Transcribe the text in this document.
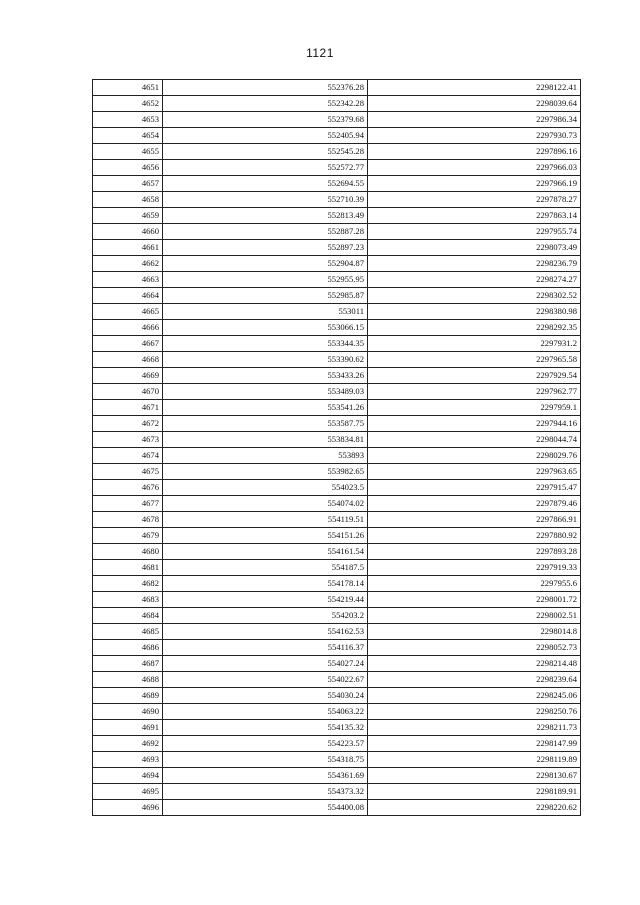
1121
4651	552376.28	2298122.41
4652	552342.28	2298039.64
4653	552379.68	2297986.34
4654	552405.94	2297930.73
4655	552545.28	2297896.16
4656	552572.77	2297966.03
4657	552694.55	2297966.19
4658	552710.39	2297878.27
4659	552813.49	2297863.14
4660	552887.28	2297955.74
4661	552897.23	2298073.49
4662	552904.87	2298236.79
4663	552955.95	2298274.27
4664	552985.87	2298302.52
4665	553011	2298380.98
4666	553066.15	2298292.35
4667	553344.35	2297931.2
4668	553390.62	2297965.58
4669	553433.26	2297929.54
4670	553489.03	2297962.77
4671	553541.26	2297959.1
4672	553587.75	2297944.16
4673	553834.81	2298044.74
4674	553893	2298029.76
4675	553982.65	2297963.65
4676	554023.5	2297915.47
4677	554074.02	2297879.46
4678	554119.51	2297866.91
4679	554151.26	2297880.92
4680	554161.54	2297893.28
4681	554187.5	2297919.33
4682	554178.14	2297955.6
4683	554219.44	2298001.72
4684	554203.2	2298002.51
4685	554162.53	2298014.8
4686	554116.37	2298052.73
4687	554027.24	2298214.48
4688	554022.67	2298239.64
4689	554030.24	2298245.06
4690	554063.22	2298250.76
4691	554135.32	2298211.73
4692	554223.57	2298147.99
4693	554318.75	2298119.89
4694	554361.69	2298130.67
4695	554373.32	2298189.91
4696	554400.08	2298220.62
